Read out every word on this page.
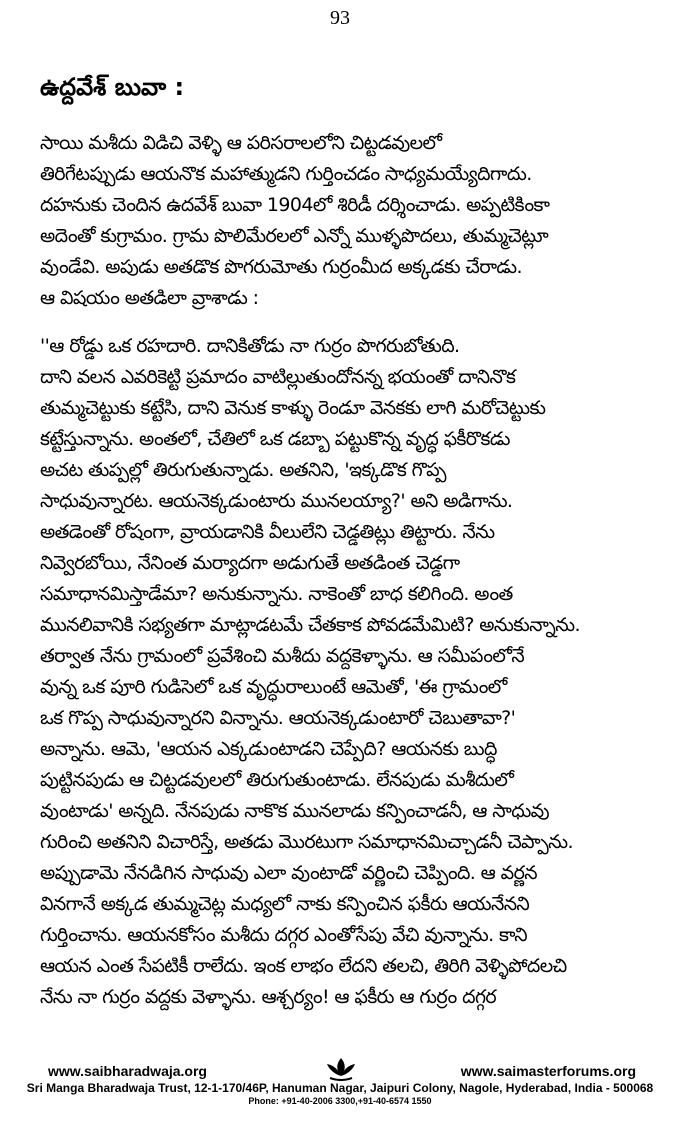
93
ఉద్దవేశ్ బువా :
సాయి మశీదు విడిచి వెళ్ళి ఆ పరిసరాలలోని చిట్టడవులలో
తిరిగేటప్పుడు ఆయనొక మహాత్ముడని గుర్తించడం సాధ్యమయ్యేదిగాదు.
దహనుకు చెందిన ఉదవేశ్ బువా 1904లో శిరిడీ దర్శించాడు. అప్పటికింకా
అదెంతో కుగ్రామం. గ్రామ పొలిమేరలలో ఎన్నో ముళ్ళపొదలు, తుమ్మచెట్లూ
వుండేవి. అపుడు అతడొక పొగరుమోతు గుర్రంమీద అక్కడకు చేరాడు.
ఆ విషయం అతడిలా వ్రాశాడు :
''ఆ రోడ్డు ఒక రహదారి. దానికితోడు నా గుర్రం పొగరుబోతుది.
దాని వలన ఎవరికెట్టి ప్రమాదం వాటిల్లుతుందోనన్న భయంతో దానినొక
తుమ్మచెట్టుకు కట్టేసి, దాని వెనుక కాళ్ళు రెండూ వెనకకు లాగి మరోచెట్టుకు
కట్టేస్తున్నాను. అంతలో, చేతిలో ఒక డబ్బా పట్టుకొన్న వృద్ధ ఫకీరొకడు
అచట తుప్పల్లో తిరుగుతున్నాడు. అతనిని, 'ఇక్కడొక గొప్ప
సాధువున్నారట. ఆయనెక్కడుంటారు మునలయ్యా?' అని అడిగాను.
అతడెంతో రోషంగా, వ్రాయడానికి వీలులేని చెడ్డతిట్లు తిట్టారు. నేను
నివ్వెరబోయి, నేనింత మర్యాదగా అడుగుతే అతడింత చెడ్డగా
సమాధానమిస్తాడేమా? అనుకున్నాను. నాకెంతో బాధ కలిగింది. అంత
మునలివానికి సభ్యతగా మాట్లాడటమే చేతకాక పోవడమేమిటి? అనుకున్నాను.
తర్వాత నేను గ్రామంలో ప్రవేశించి మశీదు వద్దకెళ్ళాను. ఆ సమీపంలోనే
వున్న ఒక పూరి గుడిసెలో ఒక వృద్ధురాలుంటే ఆమెతో, 'ఈ గ్రామంలో
ఒక గొప్ప సాధువున్నారని విన్నాను. ఆయనెక్కడుంటారో చెబుతావా?'
అన్నాను. ఆమె, 'ఆయన ఎక్కడుంటాడని చెప్పేది? ఆయనకు బుద్ధి
పుట్టినపుడు ఆ చిట్టడవులలో తిరుగుతుంటాడు. లేనపుడు మశీదులో
వుంటాడు' అన్నది. నేనపుడు నాకొక మునలాడు కన్పించాడనీ, ఆ సాధువు
గురించి అతనిని విచారిస్తే, అతడు మొరటుగా సమాధానమిచ్చాడనీ చెప్పాను.
అప్పుడామె నేనడిగిన సాధువు ఎలా వుంటాడో వర్ణించి చెప్పింది. ఆ వర్ణన
వినగానే అక్కడ తుమ్మచెట్ల మధ్యలో నాకు కన్పించిన ఫకీరు ఆయనేనని
గుర్తించాను. ఆయనకోసం మశీదు దగ్గర ఎంతోసేపు వేచి వున్నాను. కాని
ఆయన ఎంత సేపటికీ రాలేదు. ఇంక లాభం లేదని తలచి, తిరిగి వెళ్ళిపోదలచి
నేను నా గుర్రం వద్దకు వెళ్ళాను. ఆశ్చర్యం! ఆ ఫకీరు ఆ గుర్రం దగ్గర
www.saibharadwaja.org	www.saimasterforums.org
Sri Manga Bharadwaja Trust, 12-1-170/46P, Hanuman Nagar, Jaipuri Colony, Nagole, Hyderabad, India - 500068
Phone: +91-40-2006 3300,+91-40-6574 1550
